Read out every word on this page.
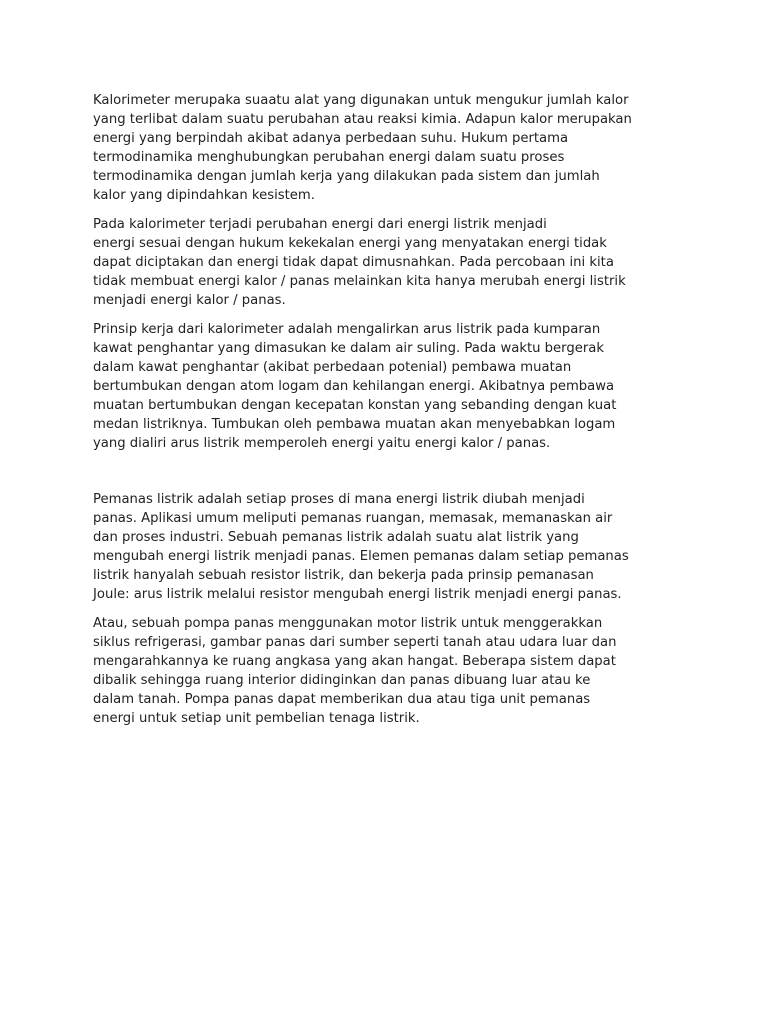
Kalorimeter merupaka suaatu alat yang digunakan untuk mengukur jumlah kalor
yang terlibat dalam suatu perubahan atau reaksi kimia. Adapun kalor merupakan
energi yang berpindah akibat adanya perbedaan suhu. Hukum pertama
termodinamika menghubungkan perubahan energi dalam suatu proses
termodinamika dengan jumlah kerja yang dilakukan pada sistem dan jumlah
kalor yang dipindahkan kesistem.

Pada kalorimeter terjadi perubahan energi dari energi listrik menjadi
energi sesuai dengan hukum kekekalan energi yang menyatakan energi tidak
dapat diciptakan dan energi tidak dapat dimusnahkan. Pada percobaan ini kita
tidak membuat energi kalor / panas melainkan kita hanya merubah energi listrik
menjadi energi kalor / panas.

Prinsip kerja dari kalorimeter adalah mengalirkan arus listrik pada kumparan
kawat penghantar yang dimasukan ke dalam air suling. Pada waktu bergerak
dalam kawat penghantar (akibat perbedaan potenial) pembawa muatan
bertumbukan dengan atom logam dan kehilangan energi. Akibatnya pembawa
muatan bertumbukan dengan kecepatan konstan yang sebanding dengan kuat
medan listriknya. Tumbukan oleh pembawa muatan akan menyebabkan logam
yang dialiri arus listrik memperoleh energi yaitu energi kalor / panas.

Pemanas listrik adalah setiap proses di mana energi listrik diubah menjadi
panas. Aplikasi umum meliputi pemanas ruangan, memasak, memanaskan air
dan proses industri. Sebuah pemanas listrik adalah suatu alat listrik yang
mengubah energi listrik menjadi panas. Elemen pemanas dalam setiap pemanas
listrik hanyalah sebuah resistor listrik, dan bekerja pada prinsip pemanasan
Joule: arus listrik melalui resistor mengubah energi listrik menjadi energi panas.

Atau, sebuah pompa panas menggunakan motor listrik untuk menggerakkan
siklus refrigerasi, gambar panas dari sumber seperti tanah atau udara luar dan
mengarahkannya ke ruang angkasa yang akan hangat. Beberapa sistem dapat
dibalik sehingga ruang interior didinginkan dan panas dibuang luar atau ke
dalam tanah. Pompa panas dapat memberikan dua atau tiga unit pemanas
energi untuk setiap unit pembelian tenaga listrik.
